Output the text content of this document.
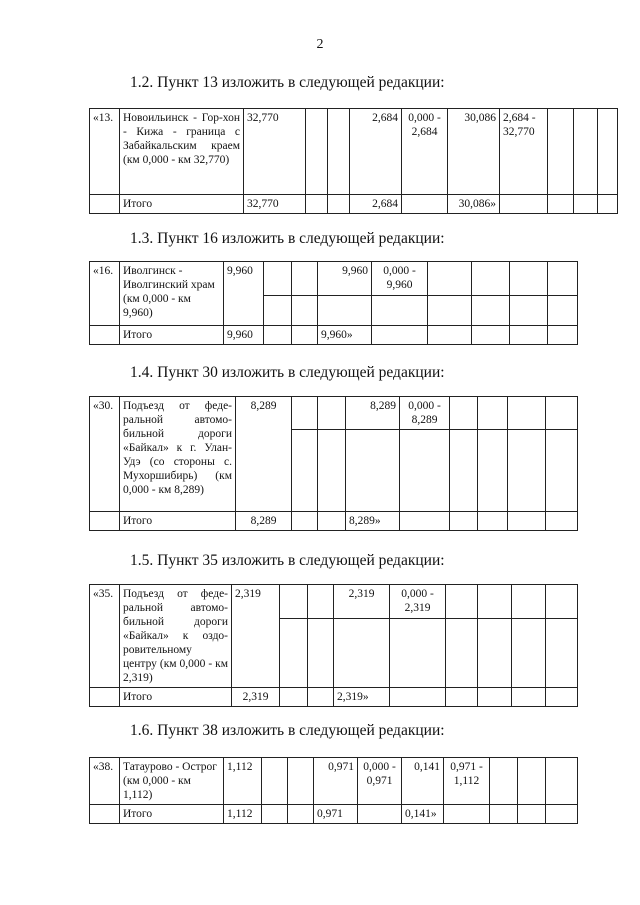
2
1.2. Пункт 13 изложить в следующей редакции:
«13.	Новоильинск - Гор-хон - Кижа - граница с Забайкальским краем (км 0,000 - км 32,770)	32,770			2,684	0,000 - 2,684	30,086	2,684 - 32,770			
	Итого	32,770			2,684		30,086»				
1.3. Пункт 16 изложить в следующей редакции:
«16.	Иволгинск - Иволгинский храм (км 0,000 - км 9,960)	9,960			9,960	0,000 - 9,960				

	Итого	9,960			9,960»					
1.4. Пункт 30 изложить в следующей редакции:
«30.	Подъезд от феде-ральной автомо-бильной дороги «Байкал» к г. Улан-Удэ (со стороны с. Мухоршибирь) (км 0,000 - км 8,289)	8,289			8,289	0,000 - 8,289				

	Итого	8,289			8,289»					
1.5. Пункт 35 изложить в следующей редакции:
«35.	Подъезд от феде-ральной автомо-бильной дороги «Байкал» к оздо-ровительному центру (км 0,000 - км 2,319)	2,319			2,319	0,000 - 2,319				

	Итого	2,319			2,319»					
1.6. Пункт 38 изложить в следующей редакции:
«38.	Татаурово - Острог (км 0,000 - км 1,112)	1,112			0,971	0,000 - 0,971	0,141	0,971 - 1,112			
	Итого	1,112			0,971		0,141»				
